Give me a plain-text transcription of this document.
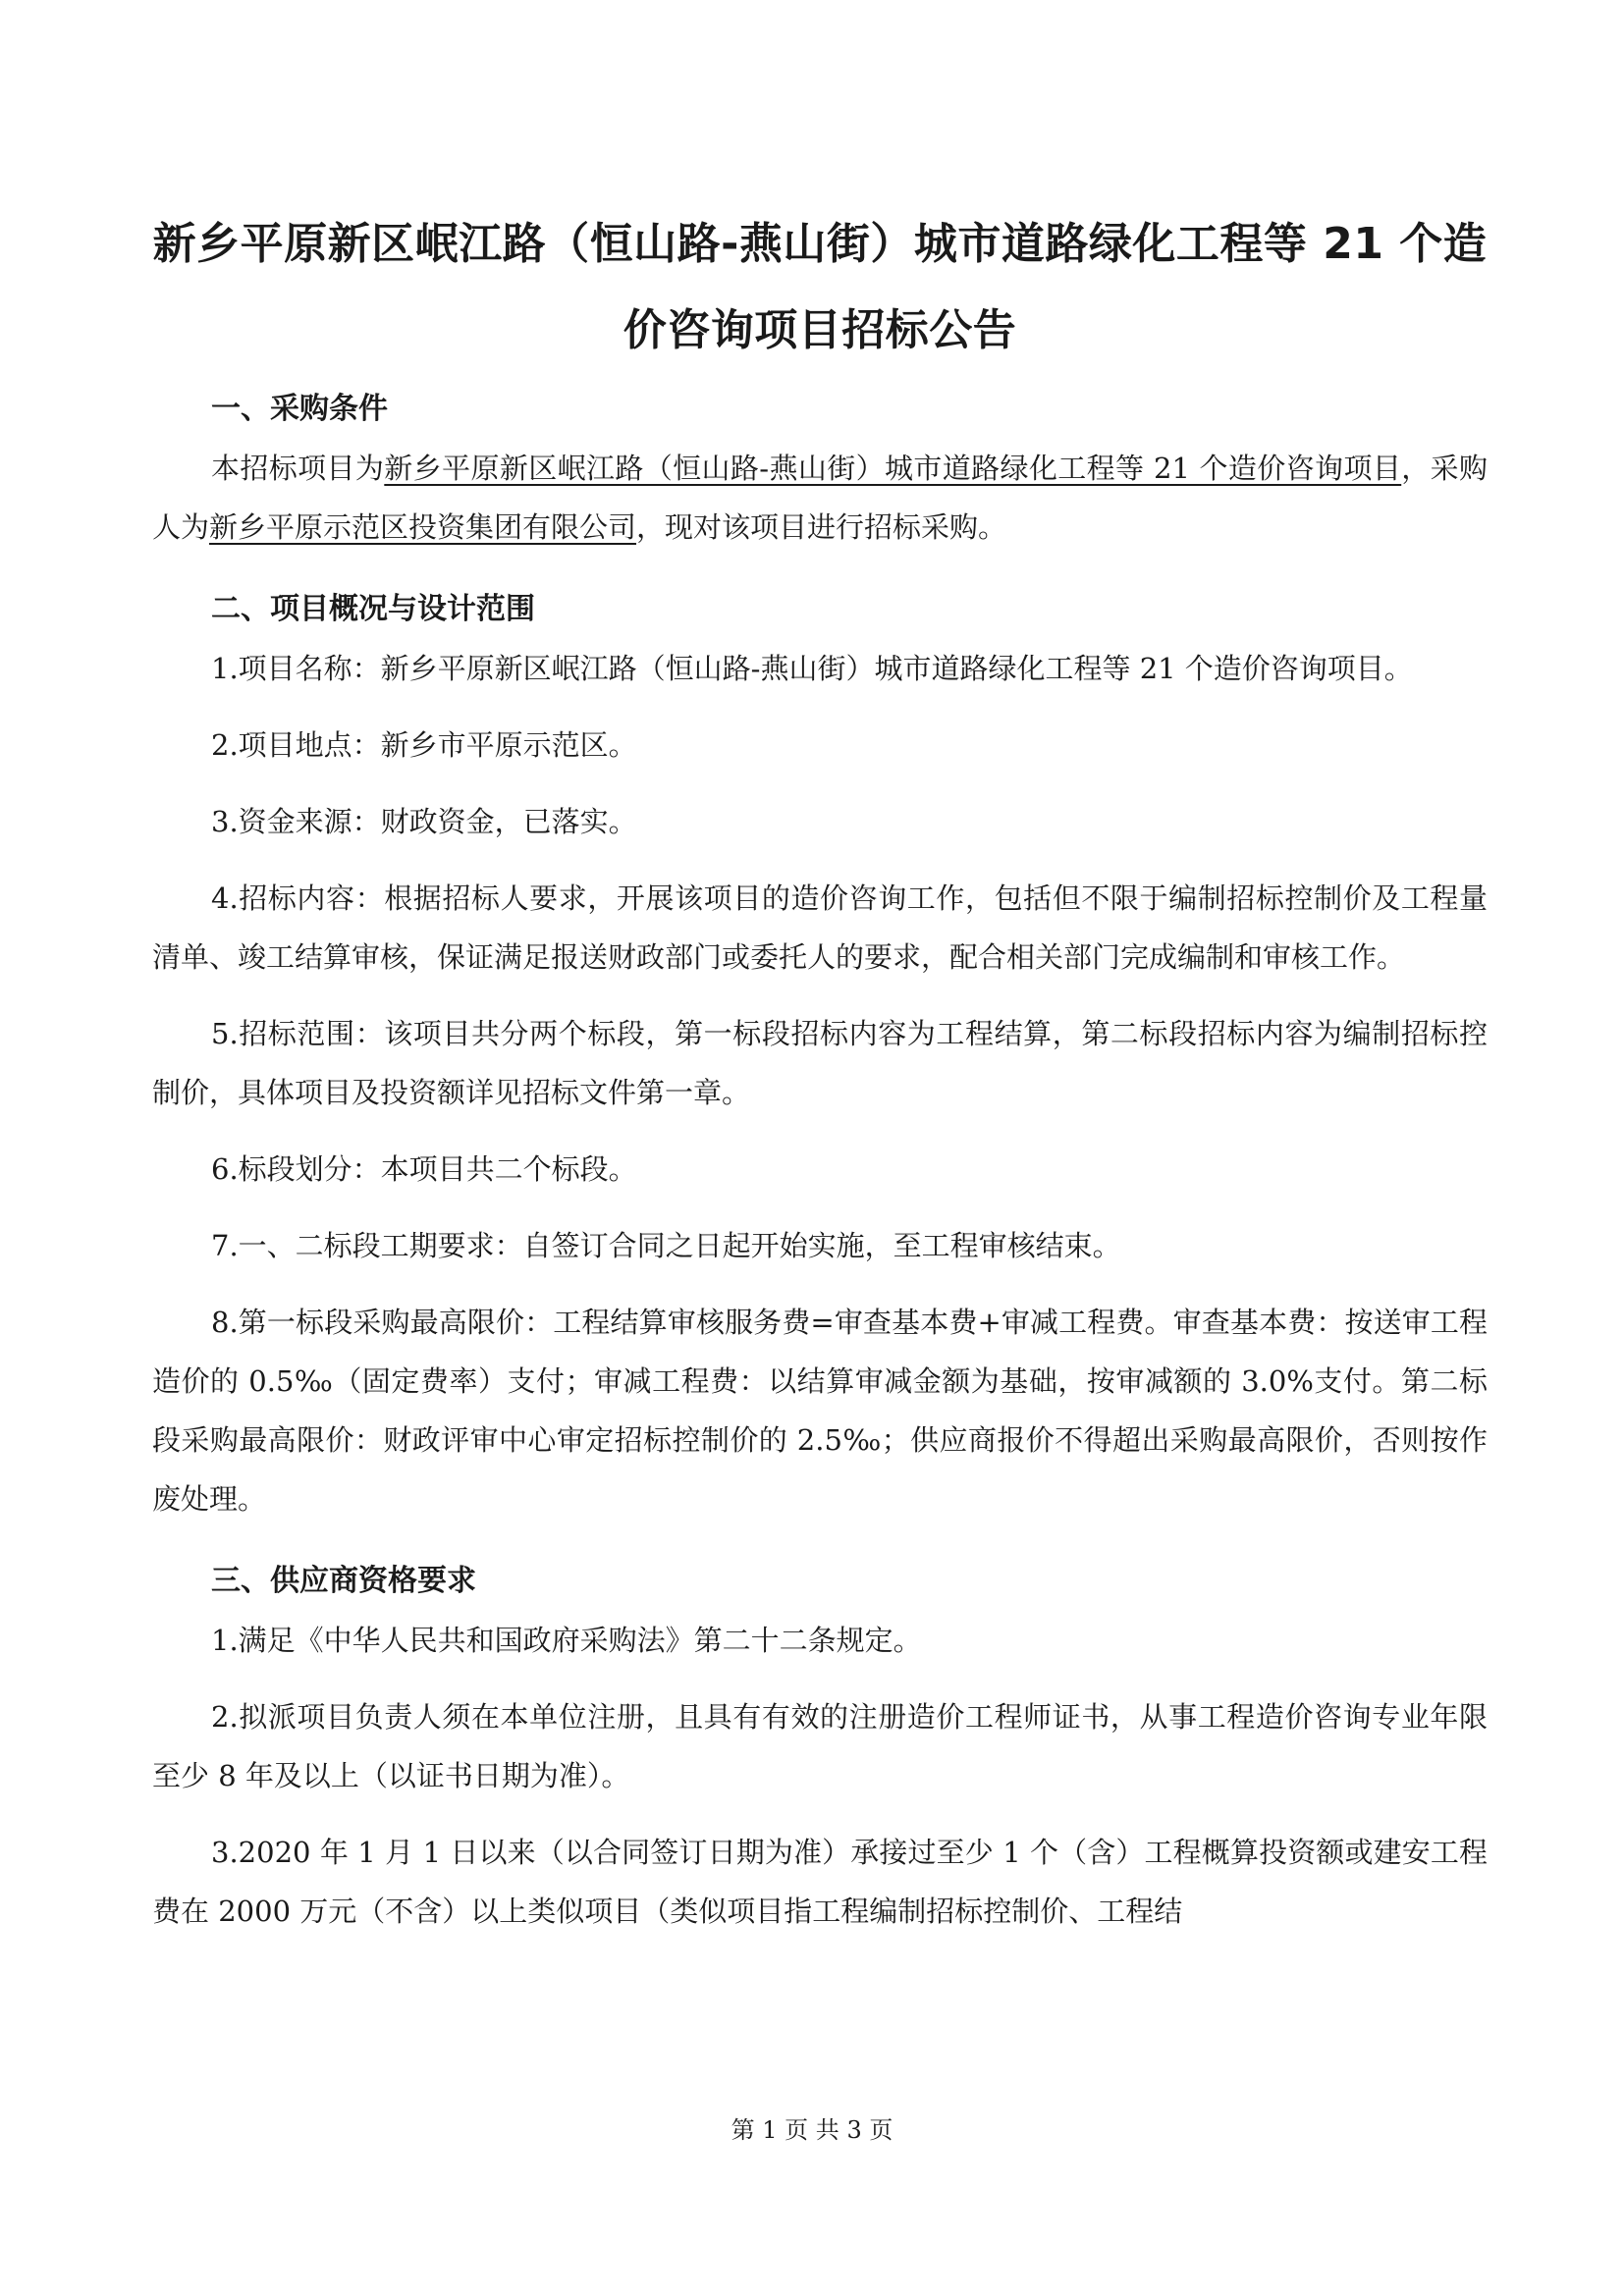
新乡平原新区岷江路（恒山路-燕山街）城市道路绿化工程等 21 个造
价咨询项目招标公告

一、采购条件

本招标项目为新乡平原新区岷江路（恒山路-燕山街）城市道路绿化工程等 21 个造价咨询项目，采购人为新乡平原示范区投资集团有限公司，现对该项目进行招标采购。

二、项目概况与设计范围

1.项目名称：新乡平原新区岷江路（恒山路-燕山街）城市道路绿化工程等 21 个造价咨询项目。

2.项目地点：新乡市平原示范区。

3.资金来源：财政资金，已落实。

4.招标内容：根据招标人要求，开展该项目的造价咨询工作，包括但不限于编制招标控制价及工程量清单、竣工结算审核，保证满足报送财政部门或委托人的要求，配合相关部门完成编制和审核工作。

5.招标范围：该项目共分两个标段，第一标段招标内容为工程结算，第二标段招标内容为编制招标控制价，具体项目及投资额详见招标文件第一章。

6.标段划分：本项目共二个标段。

7.一、二标段工期要求：自签订合同之日起开始实施，至工程审核结束。

8.第一标段采购最高限价：工程结算审核服务费=审查基本费+审减工程费。审查基本费：按送审工程造价的 0.5‰（固定费率）支付；审减工程费：以结算审减金额为基础，按审减额的 3.0%支付。第二标段采购最高限价：财政评审中心审定招标控制价的 2.5‰；供应商报价不得超出采购最高限价，否则按作废处理。

三、供应商资格要求

1.满足《中华人民共和国政府采购法》第二十二条规定。

2.拟派项目负责人须在本单位注册，且具有有效的注册造价工程师证书，从事工程造价咨询专业年限至少 8 年及以上（以证书日期为准）。

3.2020 年 1 月 1 日以来（以合同签订日期为准）承接过至少 1 个（含）工程概算投资额或建安工程费在 2000 万元（不含）以上类似项目（类似项目指工程编制招标控制价、工程结

第 1 页 共 3 页
